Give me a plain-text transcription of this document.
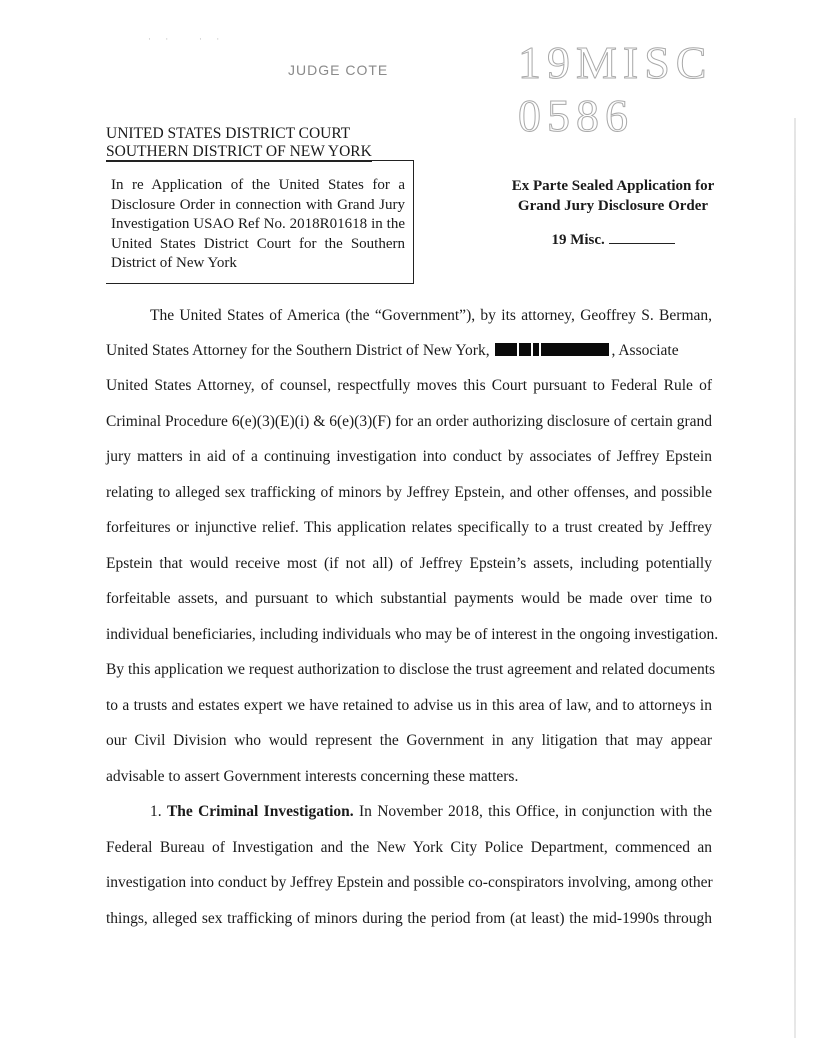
· ·   · ·
JUDGE COTE	19MISC 0586
UNITED STATES DISTRICT COURT
SOUTHERN DISTRICT OF NEW YORK
In re Application of the United States for a Disclosure Order in connection with Grand Jury Investigation USAO Ref No. 2018R01618 in the United States District Court for the Southern District of New York
Ex Parte Sealed Application for
Grand Jury Disclosure Order
19 Misc.
The United States of America (the “Government”), by its attorney, Geoffrey S. Berman,
United States Attorney for the Southern District of New York,	, Associate
United States Attorney, of counsel, respectfully moves this Court pursuant to Federal Rule of
Criminal Procedure 6(e)(3)(E)(i) & 6(e)(3)(F) for an order authorizing disclosure of certain grand
jury matters in aid of a continuing investigation into conduct by associates of Jeffrey Epstein
relating to alleged sex trafficking of minors by Jeffrey Epstein, and other offenses, and possible
forfeitures or injunctive relief. This application relates specifically to a trust created by Jeffrey
Epstein that would receive most (if not all) of Jeffrey Epstein’s assets, including potentially
forfeitable assets, and pursuant to which substantial payments would be made over time to
individual beneficiaries, including individuals who may be of interest in the ongoing investigation.
By this application we request authorization to disclose the trust agreement and related documents
to a trusts and estates expert we have retained to advise us in this area of law, and to attorneys in
our Civil Division who would represent the Government in any litigation that may appear
advisable to assert Government interests concerning these matters.
1. The Criminal Investigation. In November 2018, this Office, in conjunction with the
Federal Bureau of Investigation and the New York City Police Department, commenced an
investigation into conduct by Jeffrey Epstein and possible co-conspirators involving, among other
things, alleged sex trafficking of minors during the period from (at least) the mid-1990s through
